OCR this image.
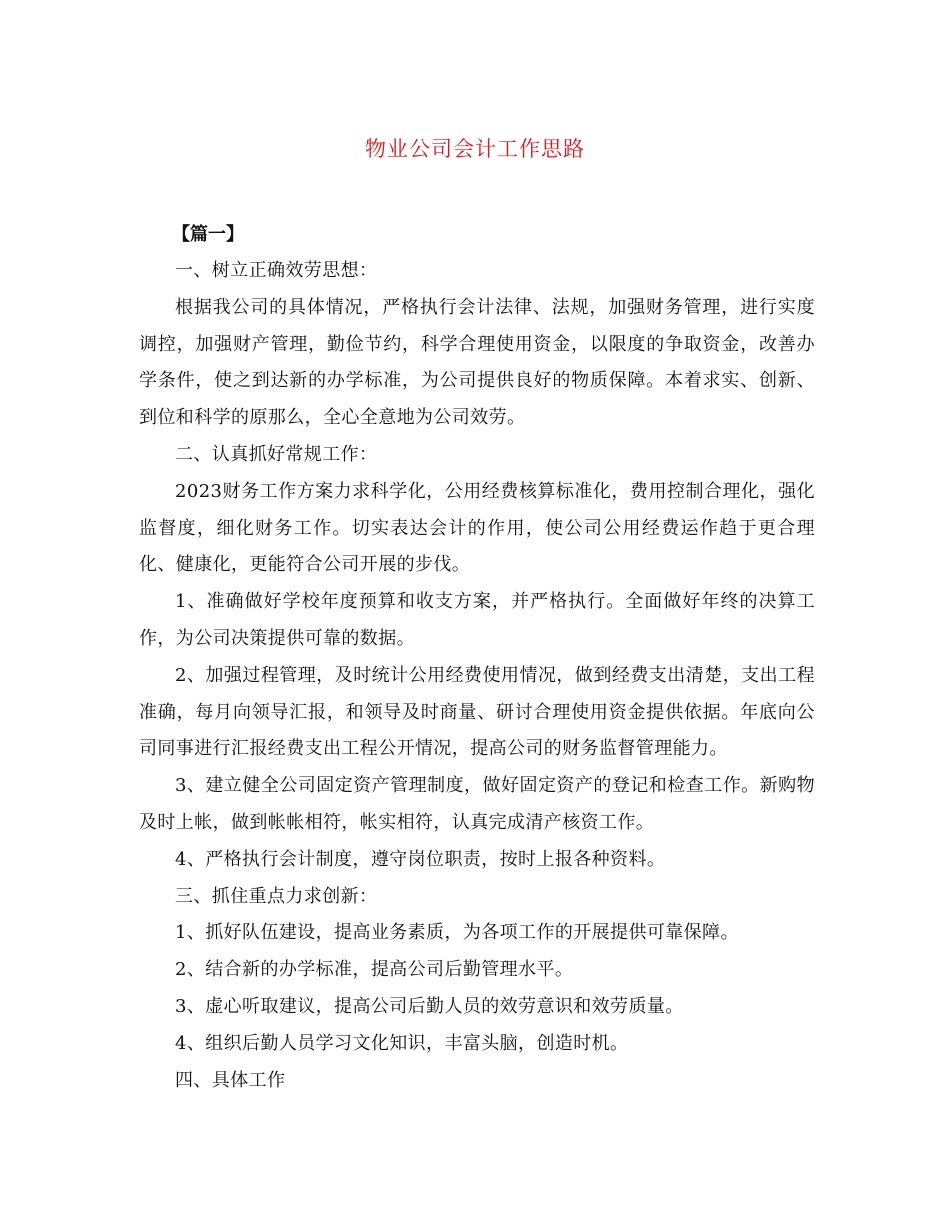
物业公司会计工作思路

【篇一】

一、树立正确效劳思想：

根据我公司的具体情况，严格执行会计法律、法规，加强财务管理，进行实度调控，加强财产管理，勤俭节约，科学合理使用资金，以限度的争取资金，改善办学条件，使之到达新的办学标准，为公司提供良好的物质保障。本着求实、创新、到位和科学的原那么，全心全意地为公司效劳。

二、认真抓好常规工作：

2023财务工作方案力求科学化，公用经费核算标准化，费用控制合理化，强化监督度，细化财务工作。切实表达会计的作用，使公司公用经费运作趋于更合理化、健康化，更能符合公司开展的步伐。

1、准确做好学校年度预算和收支方案，并严格执行。全面做好年终的决算工作，为公司决策提供可靠的数据。

2、加强过程管理，及时统计公用经费使用情况，做到经费支出清楚，支出工程准确，每月向领导汇报，和领导及时商量、研讨合理使用资金提供依据。年底向公司同事进行汇报经费支出工程公开情况，提高公司的财务监督管理能力。

3、建立健全公司固定资产管理制度，做好固定资产的登记和检查工作。新购物及时上帐，做到帐帐相符，帐实相符，认真完成清产核资工作。

4、严格执行会计制度，遵守岗位职责，按时上报各种资料。

三、抓住重点力求创新：

1、抓好队伍建设，提高业务素质，为各项工作的开展提供可靠保障。

2、结合新的办学标准，提高公司后勤管理水平。

3、虚心听取建议，提高公司后勤人员的效劳意识和效劳质量。

4、组织后勤人员学习文化知识，丰富头脑，创造时机。

四、具体工作
